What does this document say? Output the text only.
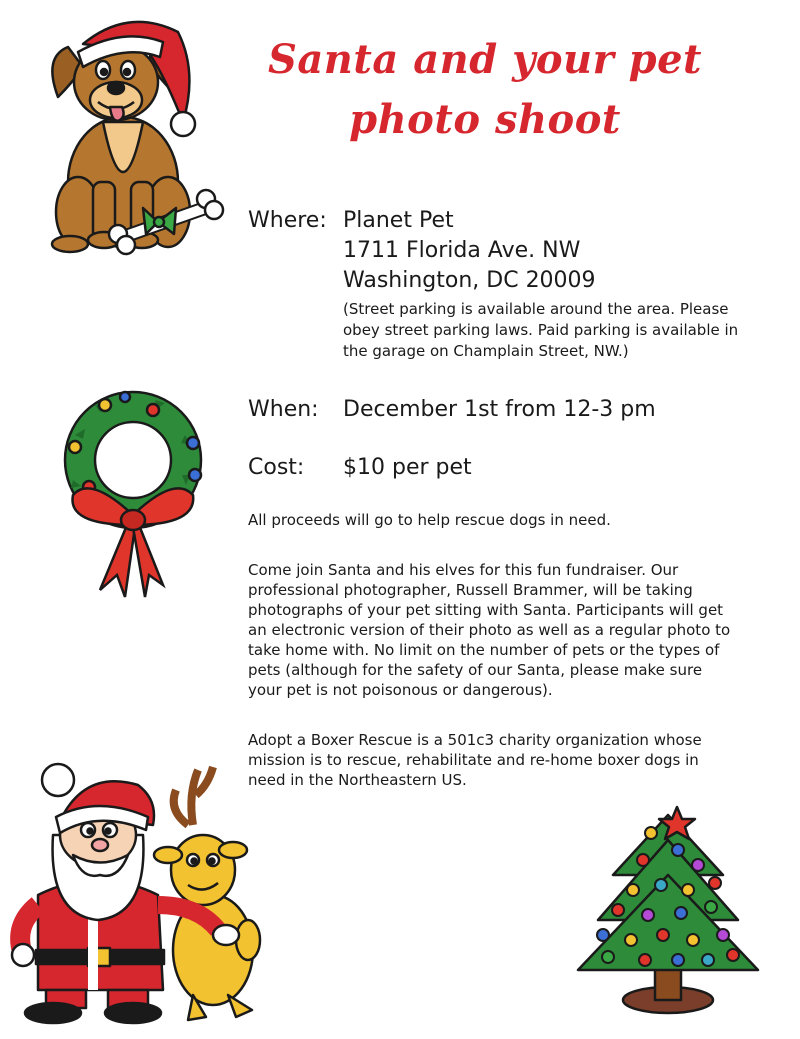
Santa and your pet
photo shoot
Where: Planet Pet
1711 Florida Ave. NW
Washington, DC 20009

(Street parking is available around the area. Please obey street parking laws. Paid parking is available in the garage on Champlain Street, NW.)

When: December 1st from 12-3 pm
Cost: $10 per pet

All proceeds will go to help rescue dogs in need.

Come join Santa and his elves for this fun fundraiser. Our professional photographer, Russell Brammer, will be taking photographs of your pet sitting with Santa. Participants will get an electronic version of their photo as well as a regular photo to take home with. No limit on the number of pets or the types of pets (although for the safety of our Santa, please make sure your pet is not poisonous or dangerous).

Adopt a Boxer Rescue is a 501c3 charity organization whose mission is to rescue, rehabilitate and re-home boxer dogs in need in the Northeastern US.
